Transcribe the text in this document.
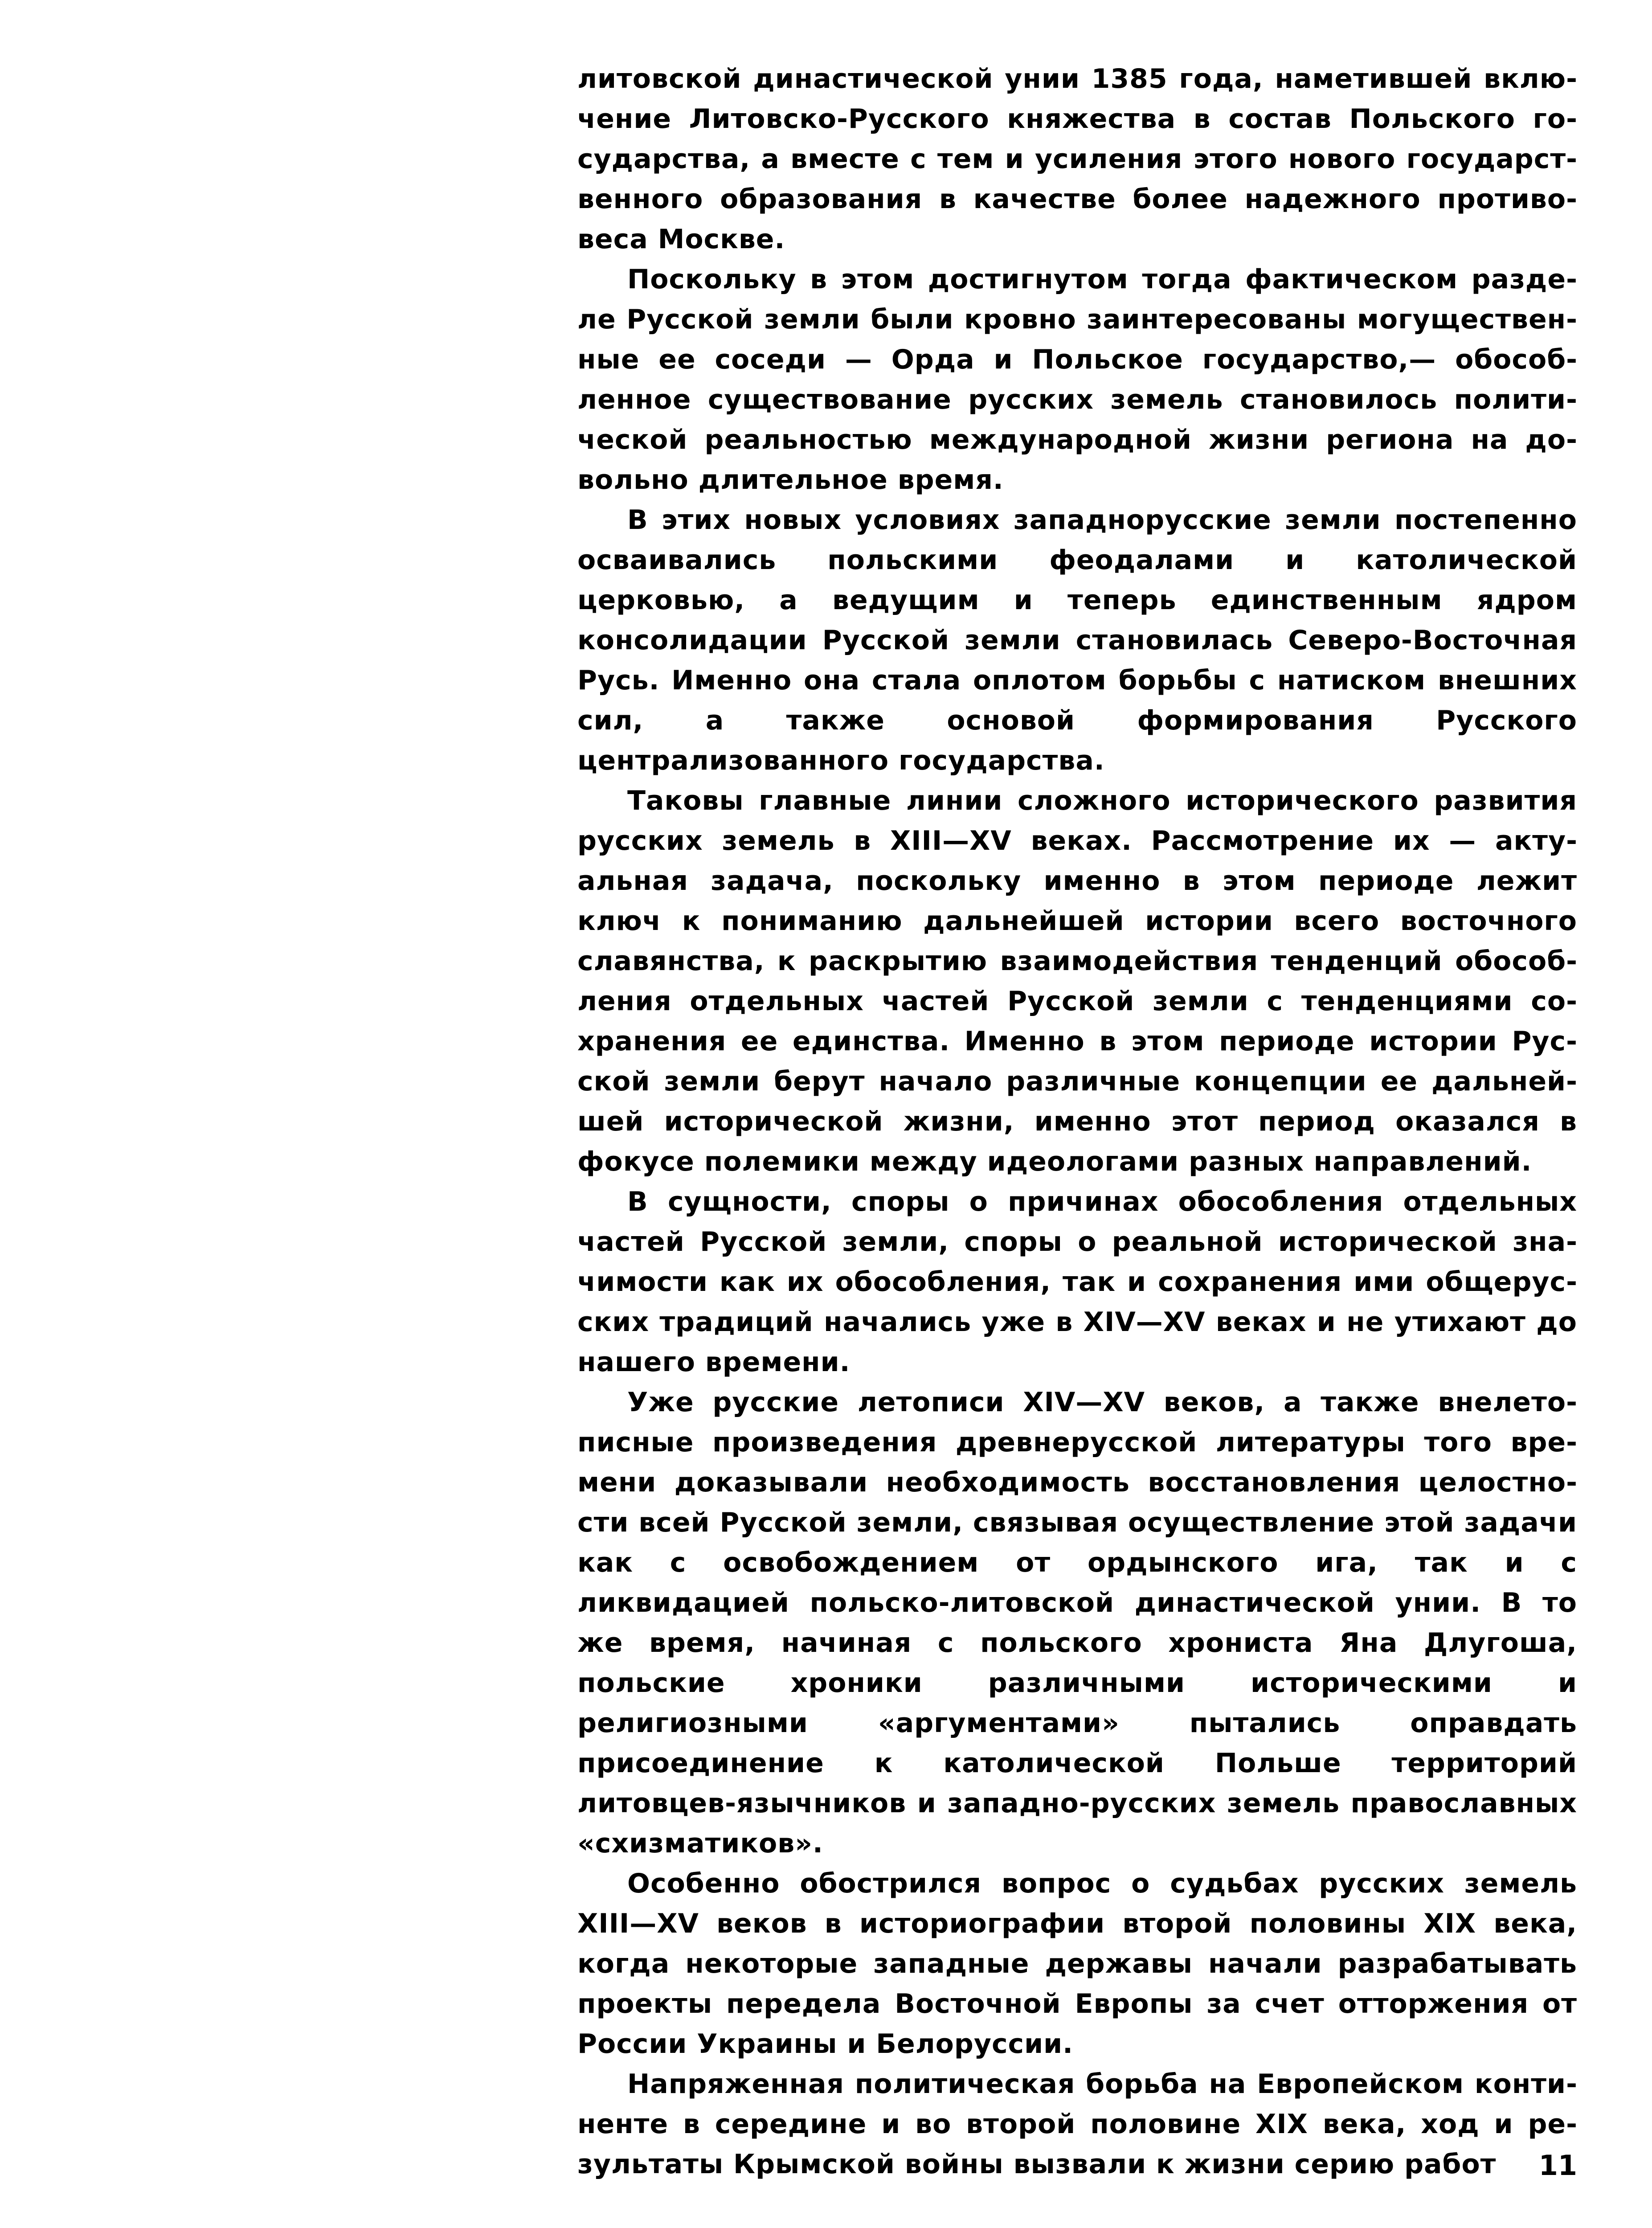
литовской династической унии 1385 года, наметившей включение Литовско-Русского княжества в состав Польского государства, а вместе с тем и усиления этого нового государственного образования в качестве более надежного противовеса Москве.

Поскольку в этом достигнутом тогда фактическом разделе Русской земли были кровно заинтересованы могущественные ее соседи — Орда и Польское государство,— обособленное существование русских земель становилось политической реальностью международной жизни региона на довольно длительное время.

В этих новых условиях западнорусские земли постепенно осваивались польскими феодалами и католической церковью, а ведущим и теперь единственным ядром консолидации Русской земли становилась Северо-Восточная Русь. Именно она стала оплотом борьбы с натиском внешних сил, а также основой формирования Русского централизованного государства.

Таковы главные линии сложного исторического развития русских земель в XIII—XV веках. Рассмотрение их — актуальная задача, поскольку именно в этом периоде лежит ключ к пониманию дальнейшей истории всего восточного славянства, к раскрытию взаимодействия тенденций обособления отдельных частей Русской земли с тенденциями сохранения ее единства. Именно в этом периоде истории Русской земли берут начало различные концепции ее дальнейшей исторической жизни, именно этот период оказался в фокусе полемики между идеологами разных направлений.

В сущности, споры о причинах обособления отдельных частей Русской земли, споры о реальной исторической значимости как их обособления, так и сохранения ими общерусских традиций начались уже в XIV—XV веках и не утихают до нашего времени.

Уже русские летописи XIV—XV веков, а также внелетописные произведения древнерусской литературы того времени доказывали необходимость восстановления целостности всей Русской земли, связывая осуществление этой задачи как с освобождением от ордынского ига, так и с ликвидацией польско-литовской династической унии. В то же время, начиная с польского хрониста Яна Длугоша, польские хроники различными историческими и религиозными «аргументами» пытались оправдать присоединение к католической Польше территорий литовцев-язычников и западно-русских земель православных «схизматиков».

Особенно обострился вопрос о судьбах русских земель XIII—XV веков в историографии второй половины XIX века, когда некоторые западные державы начали разрабатывать проекты передела Восточной Европы за счет отторжения от России Украины и Белоруссии.

Напряженная политическая борьба на Европейском континенте в середине и во второй половине XIX века, ход и результаты Крымской войны вызвали к жизни серию работ	11
